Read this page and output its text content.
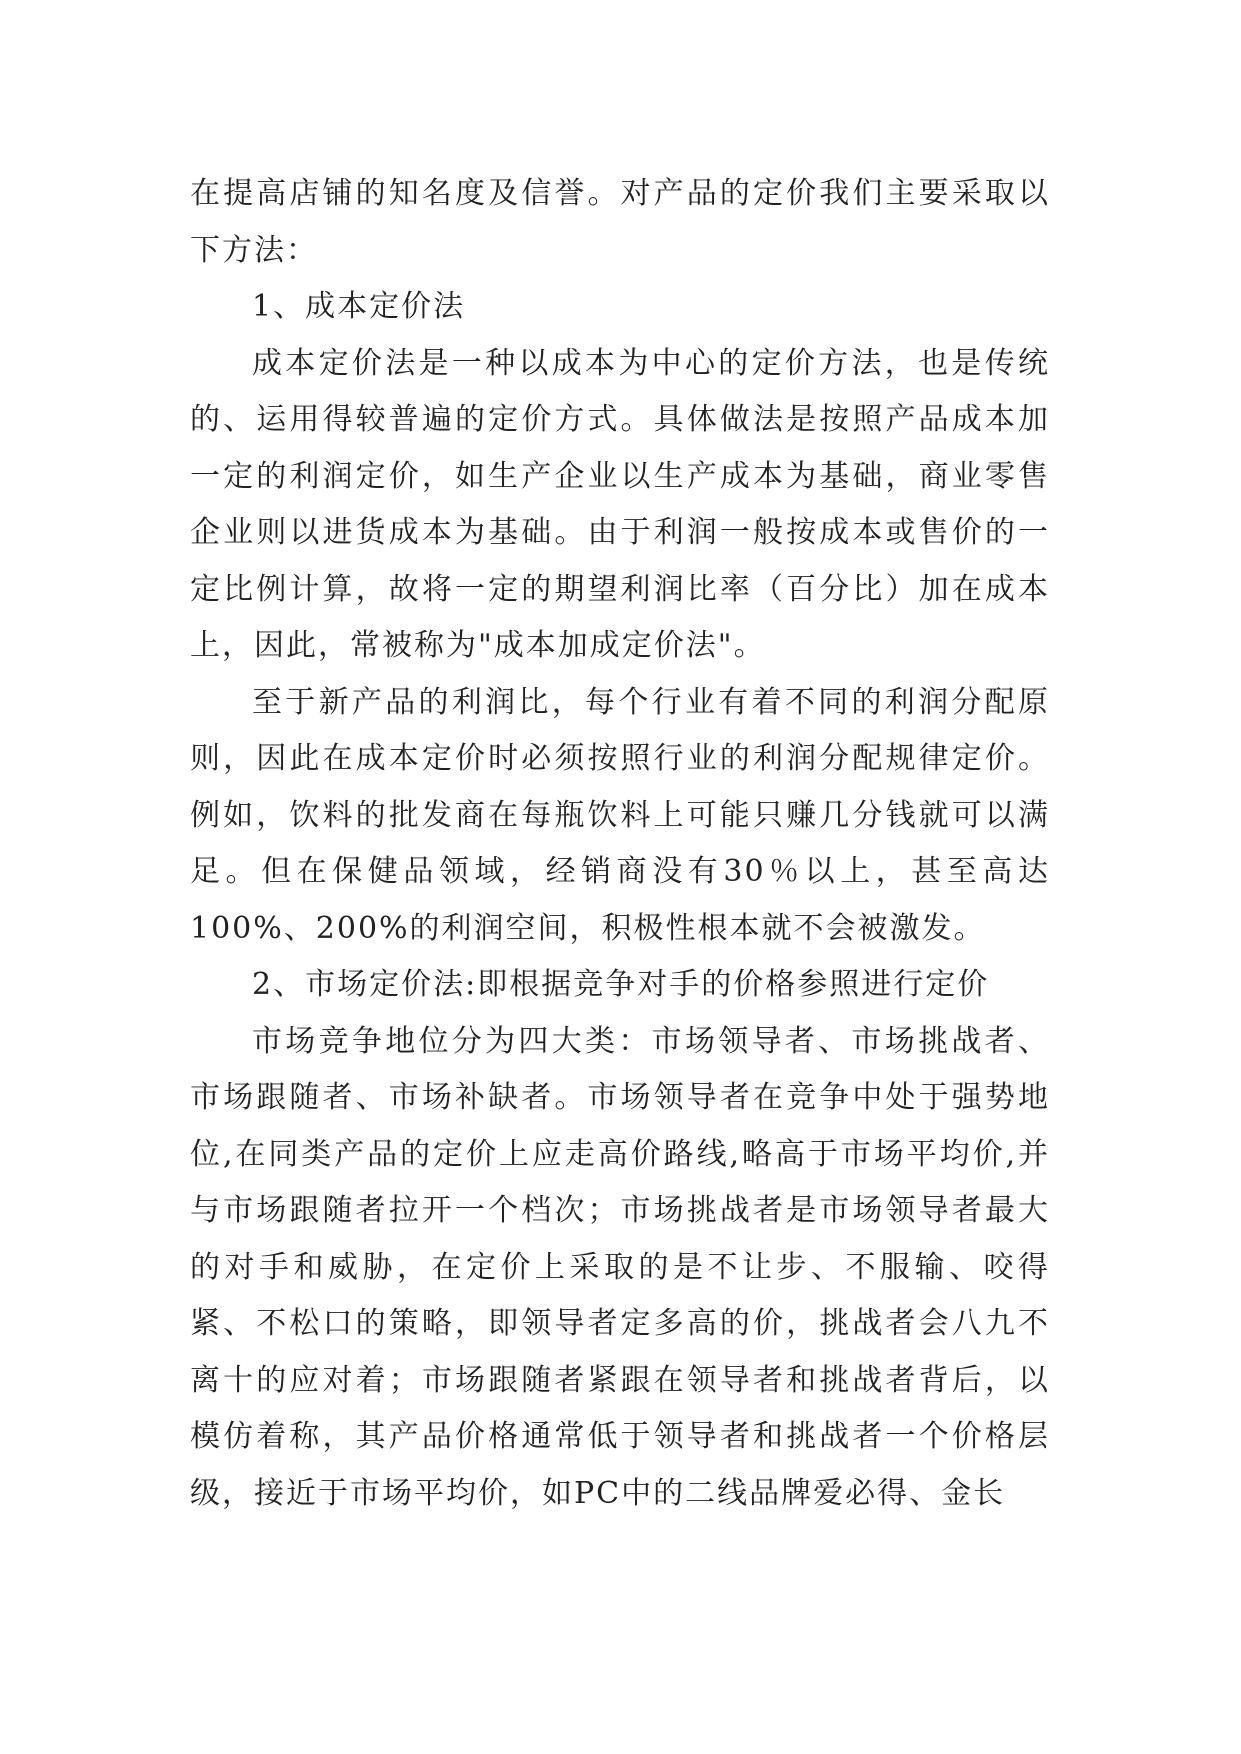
在提高店铺的知名度及信誉。对产品的定价我们主要采取以下方法：

1、成本定价法

成本定价法是一种以成本为中心的定价方法，也是传统的、运用得较普遍的定价方式。具体做法是按照产品成本加一定的利润定价，如生产企业以生产成本为基础，商业零售企业则以进货成本为基础。由于利润一般按成本或售价的一定比例计算，故将一定的期望利润比率（百分比）加在成本上，因此，常被称为"成本加成定价法"。

至于新产品的利润比，每个行业有着不同的利润分配原则，因此在成本定价时必须按照行业的利润分配规律定价。例如，饮料的批发商在每瓶饮料上可能只赚几分钱就可以满足。但在保健品领域，经销商没有30％以上，甚至高达100%、200%的利润空间，积极性根本就不会被激发。

2、市场定价法:即根据竞争对手的价格参照进行定价

市场竞争地位分为四大类：市场领导者、市场挑战者、市场跟随者、市场补缺者。市场领导者在竞争中处于强势地位,在同类产品的定价上应走高价路线,略高于市场平均价,并与市场跟随者拉开一个档次；市场挑战者是市场领导者最大的对手和威胁，在定价上采取的是不让步、不服输、咬得紧、不松口的策略，即领导者定多高的价，挑战者会八九不离十的应对着；市场跟随者紧跟在领导者和挑战者背后，以模仿着称，其产品价格通常低于领导者和挑战者一个价格层级，接近于市场平均价，如PC中的二线品牌爱必得、金长
